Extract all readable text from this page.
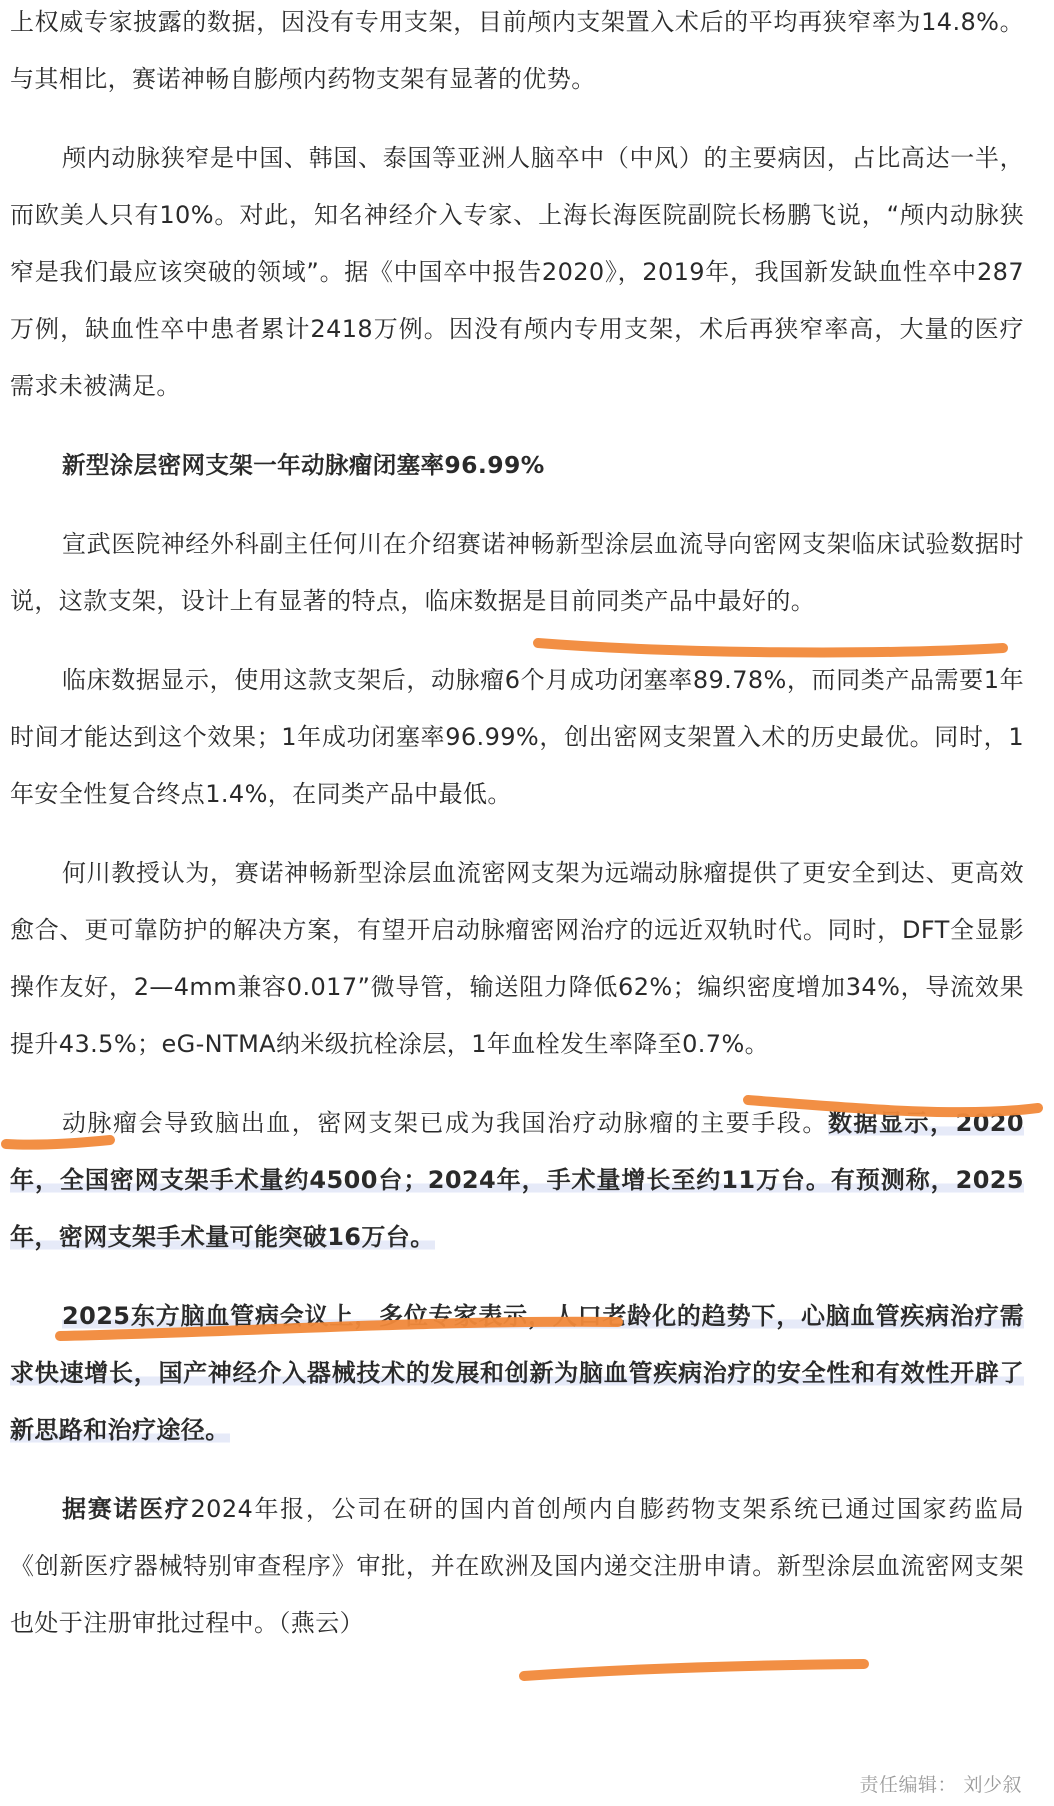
上权威专家披露的数据，因没有专用支架，目前颅内支架置入术后的平均再狭窄率为14.8%。与其相比，赛诺神畅自膨颅内药物支架有显著的优势。

颅内动脉狭窄是中国、韩国、泰国等亚洲人脑卒中（中风）的主要病因，占比高达一半，而欧美人只有10%。对此，知名神经介入专家、上海长海医院副院长杨鹏飞说，“颅内动脉狭窄是我们最应该突破的领域”。据《中国卒中报告2020》，2019年，我国新发缺血性卒中287万例，缺血性卒中患者累计2418万例。因没有颅内专用支架，术后再狭窄率高，大量的医疗需求未被满足。

新型涂层密网支架一年动脉瘤闭塞率96.99%

宣武医院神经外科副主任何川在介绍赛诺神畅新型涂层血流导向密网支架临床试验数据时说，这款支架，设计上有显著的特点，临床数据是目前同类产品中最好的。

临床数据显示，使用这款支架后，动脉瘤6个月成功闭塞率89.78%，而同类产品需要1年时间才能达到这个效果；1年成功闭塞率96.99%，创出密网支架置入术的历史最优。同时，1年安全性复合终点1.4%，在同类产品中最低。

何川教授认为，赛诺神畅新型涂层血流密网支架为远端动脉瘤提供了更安全到达、更高效愈合、更可靠防护的解决方案，有望开启动脉瘤密网治疗的远近双轨时代。同时，DFT全显影操作友好，2—4mm兼容0.017”微导管，输送阻力降低62%；编织密度增加34%，导流效果提升43.5%；eG-NTMA纳米级抗栓涂层，1年血栓发生率降至0.7%。

动脉瘤会导致脑出血，密网支架已成为我国治疗动脉瘤的主要手段。数据显示，2020年，全国密网支架手术量约4500台；2024年，手术量增长至约11万台。有预测称，2025年，密网支架手术量可能突破16万台。

2025东方脑血管病会议上，多位专家表示，人口老龄化的趋势下，心脑血管疾病治疗需求快速增长，国产神经介入器械技术的发展和创新为脑血管疾病治疗的安全性和有效性开辟了新思路和治疗途径。

据赛诺医疗2024年报，公司在研的国内首创颅内自膨药物支架系统已通过国家药监局《创新医疗器械特别审查程序》审批，并在欧洲及国内递交注册申请。新型涂层血流密网支架也处于注册审批过程中。（燕云）

责任编辑： 刘少叙
